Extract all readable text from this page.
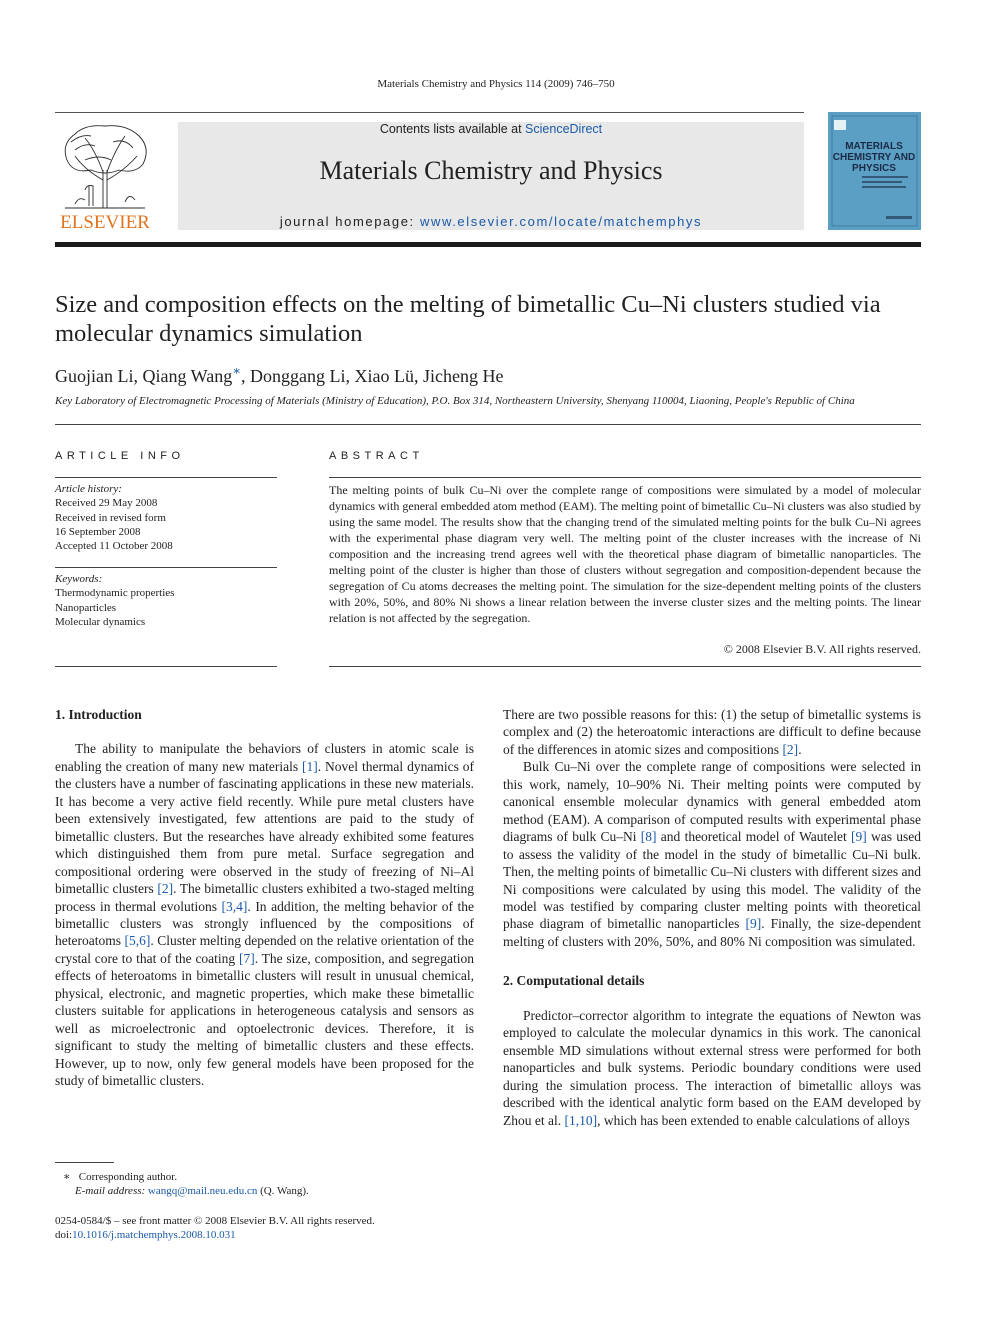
Materials Chemistry and Physics 114 (2009) 746–750
ELSEVIER
Contents lists available at ScienceDirect
Materials Chemistry and Physics
journal homepage: www.elsevier.com/locate/matchemphys
MATERIALS
CHEMISTRY AND
PHYSICS
Size and composition effects on the melting of bimetallic Cu–Ni clusters studied via molecular dynamics simulation
Guojian Li, Qiang Wang∗, Donggang Li, Xiao Lü, Jicheng He
Key Laboratory of Electromagnetic Processing of Materials (Ministry of Education), P.O. Box 314, Northeastern University, Shenyang 110004, Liaoning, People's Republic of China
ARTICLE INFO	ABSTRACT
Article history:
Received 29 May 2008
Received in revised form
16 September 2008
Accepted 11 October 2008
Keywords:
Thermodynamic properties
Nanoparticles
Molecular dynamics
The melting points of bulk Cu–Ni over the complete range of compositions were simulated by a model of molecular dynamics with general embedded atom method (EAM). The melting point of bimetallic Cu–Ni clusters was also studied by using the same model. The results show that the changing trend of the simulated melting points for the bulk Cu–Ni agrees with the experimental phase diagram very well. The melting point of the cluster increases with the increase of Ni composition and the increasing trend agrees well with the theoretical phase diagram of bimetallic nanoparticles. The melting point of the cluster is higher than those of clusters without segregation and composition-dependent because the segregation of Cu atoms decreases the melting point. The simulation for the size-dependent melting points of the clusters with 20%, 50%, and 80% Ni shows a linear relation between the inverse cluster sizes and the melting points. The linear relation is not affected by the segregation.
© 2008 Elsevier B.V. All rights reserved.
1. Introduction

The ability to manipulate the behaviors of clusters in atomic scale is enabling the creation of many new materials [1]. Novel thermal dynamics of the clusters have a number of fascinating applications in these new materials. It has become a very active field recently. While pure metal clusters have been extensively investigated, few attentions are paid to the study of bimetallic clusters. But the researches have already exhibited some features which distinguished them from pure metal. Surface segregation and compositional ordering were observed in the study of freezing of Ni–Al bimetallic clusters [2]. The bimetallic clusters exhibited a two-staged melting process in thermal evolutions [3,4]. In addition, the melting behavior of the bimetallic clusters was strongly influenced by the compositions of heteroatoms [5,6]. Cluster melting depended on the relative orientation of the crystal core to that of the coating [7]. The size, composition, and segregation effects of heteroatoms in bimetallic clusters will result in unusual chemical, physical, electronic, and magnetic properties, which make these bimetallic clusters suitable for applications in heterogeneous catalysis and sensors as well as microelectronic and optoelectronic devices. Therefore, it is significant to study the melting of bimetallic clusters and these effects. However, up to now, only few general models have been proposed for the study of bimetallic clusters.

There are two possible reasons for this: (1) the setup of bimetallic systems is complex and (2) the heteroatomic interactions are difficult to define because of the differences in atomic sizes and compositions [2].

Bulk Cu–Ni over the complete range of compositions were selected in this work, namely, 10–90% Ni. Their melting points were computed by canonical ensemble molecular dynamics with general embedded atom method (EAM). A comparison of computed results with experimental phase diagrams of bulk Cu–Ni [8] and theoretical model of Wautelet [9] was used to assess the validity of the model in the study of bimetallic Cu–Ni bulk. Then, the melting points of bimetallic Cu–Ni clusters with different sizes and Ni compositions were calculated by using this model. The validity of the model was testified by comparing cluster melting points with theoretical phase diagram of bimetallic nanoparticles [9]. Finally, the size-dependent melting of clusters with 20%, 50%, and 80% Ni composition was simulated.

2. Computational details

Predictor–corrector algorithm to integrate the equations of Newton was employed to calculate the molecular dynamics in this work. The canonical ensemble MD simulations without external stress were performed for both nanoparticles and bulk systems. Periodic boundary conditions were used during the simulation process. The interaction of bimetallic alloys was described with the identical analytic form based on the EAM developed by Zhou et al. [1,10], which has been extended to enable calculations of alloys

∗ Corresponding author.
E-mail address: wangq@mail.neu.edu.cn (Q. Wang).
0254-0584/$ – see front matter © 2008 Elsevier B.V. All rights reserved.
doi:10.1016/j.matchemphys.2008.10.031
